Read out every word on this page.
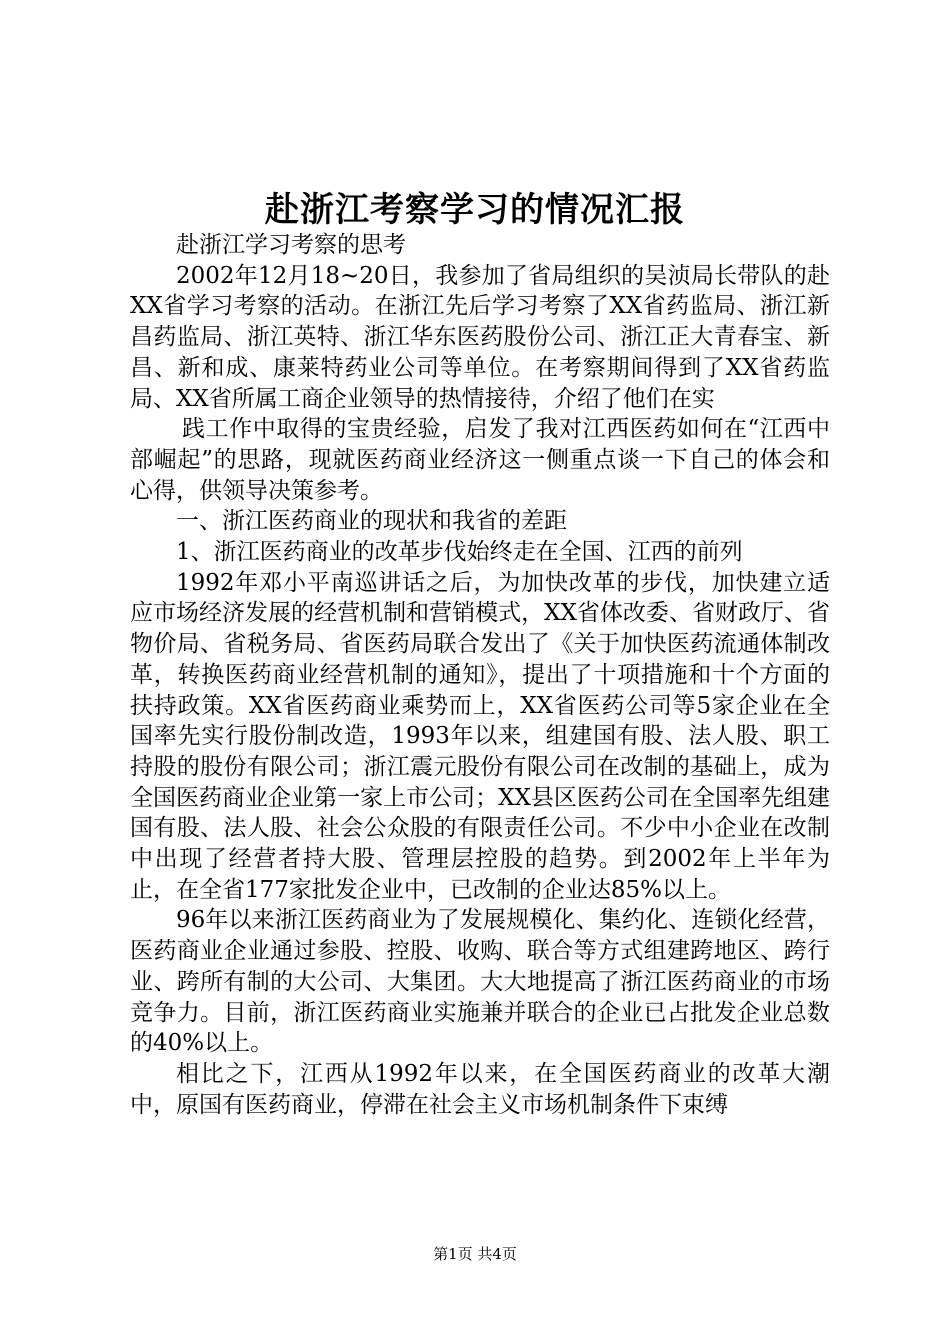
赴浙江考察学习的情况汇报

赴浙江学习考察的思考

2002年12月18~20日，我参加了省局组织的吴浈局长带队的赴XX省学习考察的活动。在浙江先后学习考察了XX省药监局、浙江新昌药监局、浙江英特、浙江华东医药股份公司、浙江正大青春宝、新昌、新和成、康莱特药业公司等单位。在考察期间得到了XX省药监局、XX省所属工商企业领导的热情接待，介绍了他们在实

践工作中取得的宝贵经验，启发了我对江西医药如何在“江西中部崛起”的思路，现就医药商业经济这一侧重点谈一下自己的体会和心得，供领导决策参考。

一、浙江医药商业的现状和我省的差距

1、浙江医药商业的改革步伐始终走在全国、江西的前列

1992年邓小平南巡讲话之后，为加快改革的步伐，加快建立适应市场经济发展的经营机制和营销模式，XX省体改委、省财政厅、省物价局、省税务局、省医药局联合发出了《关于加快医药流通体制改革，转换医药商业经营机制的通知》，提出了十项措施和十个方面的扶持政策。XX省医药商业乘势而上，XX省医药公司等5家企业在全国率先实行股份制改造，1993年以来，组建国有股、法人股、职工持股的股份有限公司；浙江震元股份有限公司在改制的基础上，成为全国医药商业企业第一家上市公司；XX县区医药公司在全国率先组建国有股、法人股、社会公众股的有限责任公司。不少中小企业在改制中出现了经营者持大股、管理层控股的趋势。到2002年上半年为止，在全省177家批发企业中，已改制的企业达85%以上。

96年以来浙江医药商业为了发展规模化、集约化、连锁化经营，医药商业企业通过参股、控股、收购、联合等方式组建跨地区、跨行业、跨所有制的大公司、大集团。大大地提高了浙江医药商业的市场竞争力。目前，浙江医药商业实施兼并联合的企业已占批发企业总数的40%以上。

相比之下，江西从1992年以来，在全国医药商业的改革大潮中，原国有医药商业，停滞在社会主义市场机制条件下束缚

第1页 共4页
